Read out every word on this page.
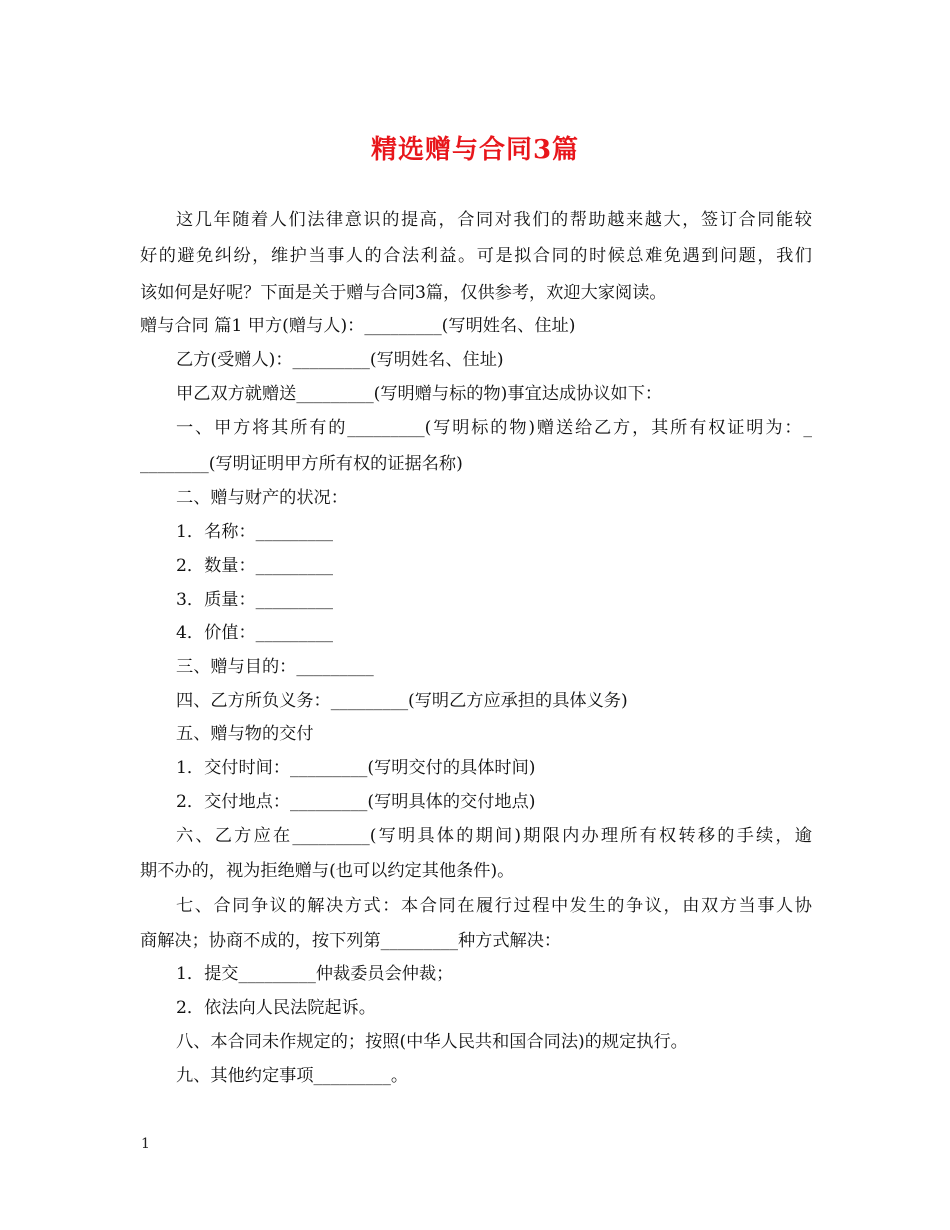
精选赠与合同3篇
这几年随着人们法律意识的提高，合同对我们的帮助越来越大，签订合同能较
好的避免纠纷，维护当事人的合法利益。可是拟合同的时候总难免遇到问题，我们
该如何是好呢？下面是关于赠与合同3篇，仅供参考，欢迎大家阅读。
赠与合同 篇1 甲方(赠与人)：_________(写明姓名、住址)
乙方(受赠人)：_________(写明姓名、住址)
甲乙双方就赠送_________(写明赠与标的物)事宜达成协议如下：
一、甲方将其所有的_________(写明标的物)赠送给乙方，其所有权证明为：_
________(写明证明甲方所有权的证据名称)
二、赠与财产的状况：
1．名称：_________
2．数量：_________
3．质量：_________
4．价值：_________
三、赠与目的：_________
四、乙方所负义务：_________(写明乙方应承担的具体义务)
五、赠与物的交付
1．交付时间：_________(写明交付的具体时间)
2．交付地点：_________(写明具体的交付地点)
六、乙方应在_________(写明具体的期间)期限内办理所有权转移的手续，逾
期不办的，视为拒绝赠与(也可以约定其他条件)。
七、合同争议的解决方式：本合同在履行过程中发生的争议，由双方当事人协
商解决；协商不成的，按下列第_________种方式解决：
1．提交_________仲裁委员会仲裁；
2．依法向人民法院起诉。
八、本合同未作规定的；按照(中华人民共和国合同法)的规定执行。
九、其他约定事项_________。
1
